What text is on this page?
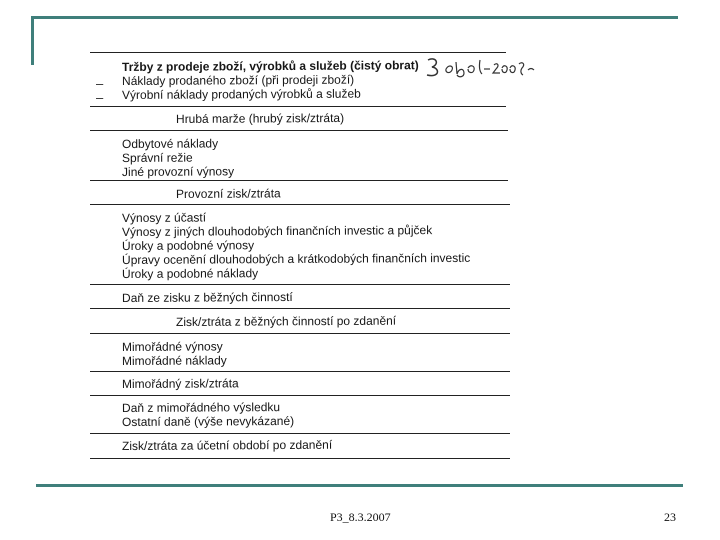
–
–
Tržby z prodeje zboží, výrobků a služeb (čistý obrat)
Náklady prodaného zboží (při prodeji zboží)
Výrobní náklady prodaných výrobků a služeb
Hrubá marže (hrubý zisk/ztráta)
Odbytové náklady
Správní režie
Jiné provozní výnosy
Provozní zisk/ztráta
Výnosy z účastí
Výnosy z jiných dlouhodobých finančních investic a půjček
Úroky a podobné výnosy
Úpravy ocenění dlouhodobých a krátkodobých finančních investic
Úroky a podobné náklady
Daň ze zisku z běžných činností
Zisk/ztráta z běžných činností po zdanění
Mimořádné výnosy
Mimořádné náklady
Mimořádný zisk/ztráta
Daň z mimořádného výsledku
Ostatní daně (výše nevykázané)
Zisk/ztráta za účetní období po zdanění
P3_8.3.2007	23
